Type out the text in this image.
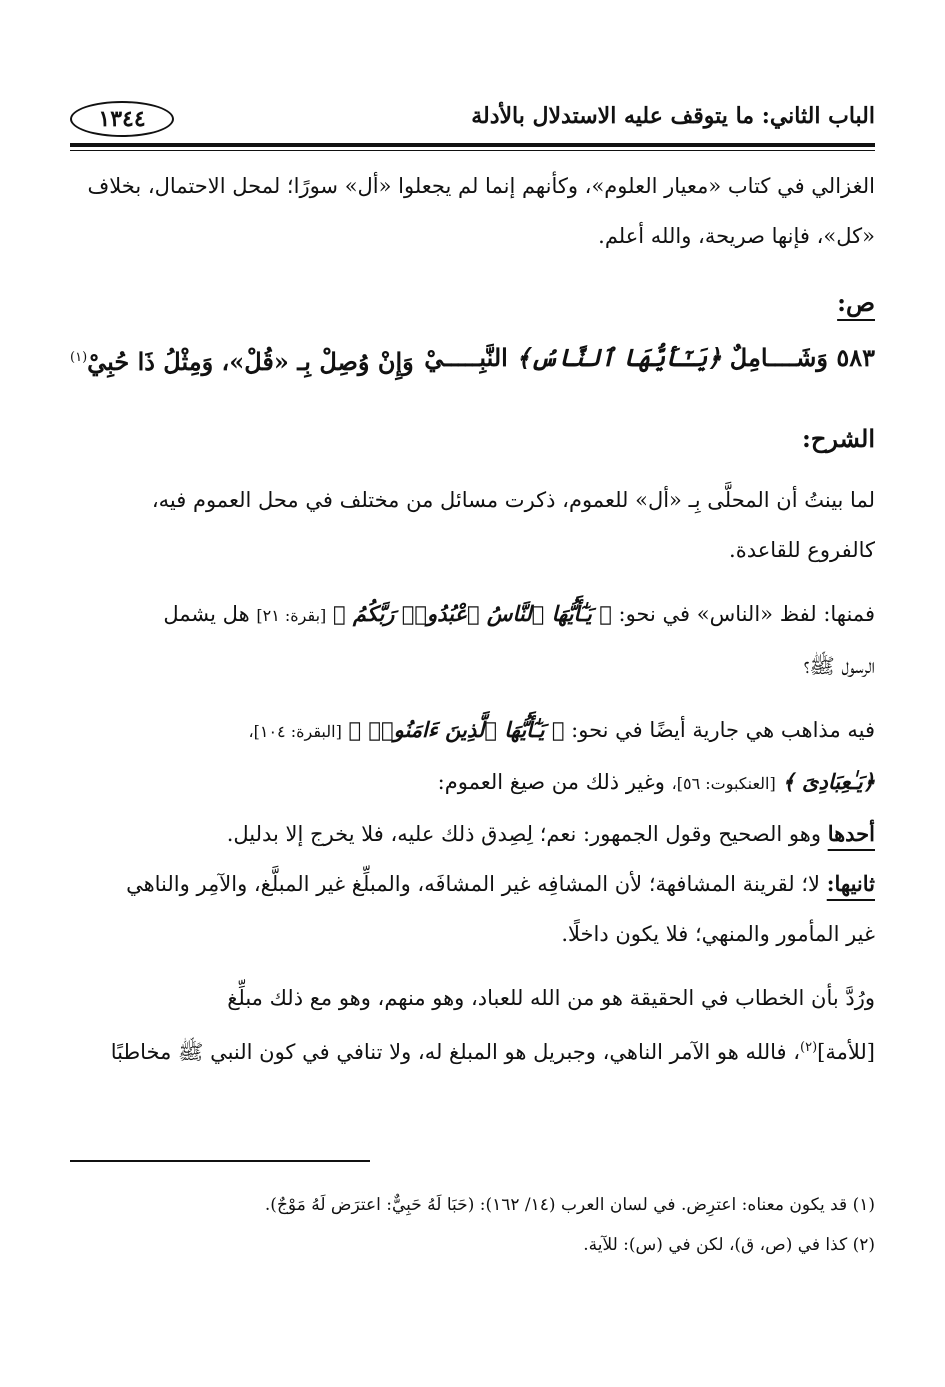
الباب الثاني: ما يتوقف عليه الاستدلال بالأدلة
١٣٤٤

الغزالي في كتاب «معيار العلوم»، وكأنهم إنما لم يجعلوا «أل» سورًا؛ لمحل الاحتمال، بخلاف

«كل»، فإنها صريحة، والله أعلم.

ص:

٥٨٣ وَشَــــامِلٌ ﴿يَـٰٓأَيُّهَا ٱلنَّاسُ﴾ النَّبِـــــيْ
وَإِنْ وُصِلْ بِـ «قُلْ»، وَمِثْلُ ذَا حُبِيْ$^{(١)}$

الشرح:

لما بينتُ أن المحلَّى بِـ «أل» للعموم، ذكرت مسائل من مختلف في محل العموم فيه،

كالفروع للقاعدة.

فمنها: لفظ «الناس» في نحو: ﴿ يَـٰٓأَيُّهَا ٱلنَّاسُ ٱعْبُدُوا۟ رَبَّكُمُ ﴾ [بقرة: ٢١] هل يشمل

الرسول ﷺ؟

فيه مذاهب هي جارية أيضًا في نحو: ﴿ يَـٰٓأَيُّهَا ٱلَّذِينَ ءَامَنُوا۟ ﴾ [البقرة: ١٠٤]،

﴿يَـٰعِبَادِىَ ﴾ [العنكبوت: ٥٦]، وغير ذلك من صيغ العموم:

أحدها وهو الصحيح وقول الجمهور: نعم؛ لِصِدق ذلك عليه، فلا يخرج إلا بدليل.

ثانيها: لا؛ لقرينة المشافهة؛ لأن المشافِه غير المشافَه، والمبلِّغ غير المبلَّغ، والآمِر والناهي

غير المأمور والمنهي؛ فلا يكون داخلًا.

ورُدَّ بأن الخطاب في الحقيقة هو من الله للعباد، وهو منهم، وهو مع ذلك مبلِّغ

[للأمة]$^{(٢)}$، فالله هو الآمر الناهي، وجبريل هو المبلغ له، ولا تنافي في كون النبي ﷺ مخاطبًا

(١) قد يكون معناه: اعترِض. في لسان العرب (١٤/ ١٦٢): (حَبَا لَهُ حَبِيٌّ: اعترَض لَهُ مَوْجٌ).

(٢) كذا في (ص، ق)، لكن في (س): للآية.
